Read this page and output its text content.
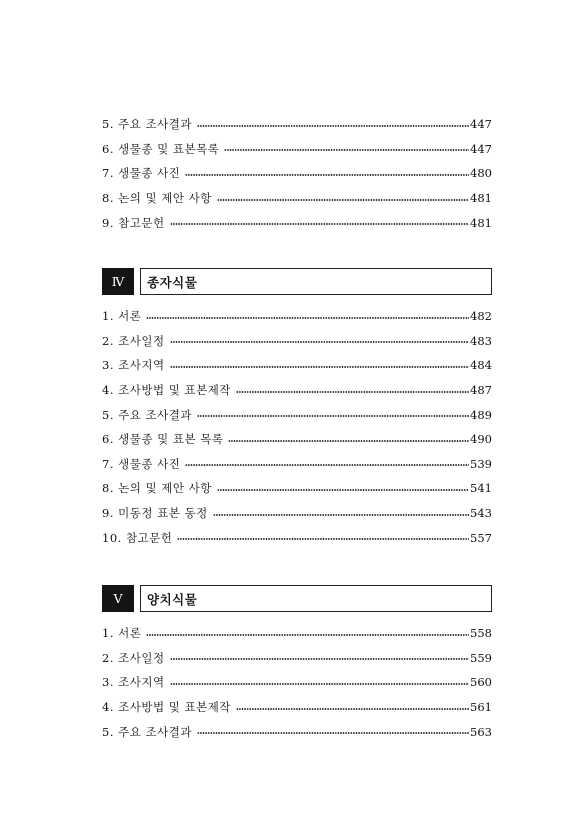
5. 주요 조사결과	447
6. 생물종 및 표본목록	447
7. 생물종 사진	480
8. 논의 및 제안 사항	481
9. 참고문헌	481
Ⅳ	종자식물
1. 서론	482
2. 조사일정	483
3. 조사지역	484
4. 조사방법 및 표본제작	487
5. 주요 조사결과	489
6. 생물종 및 표본 목록	490
7. 생물종 사진	539
8. 논의 및 제안 사항	541
9. 미동정 표본 동정	543
10. 참고문헌	557
Ⅴ	양치식물
1. 서론	558
2. 조사일정	559
3. 조사지역	560
4. 조사방법 및 표본제작	561
5. 주요 조사결과	563
